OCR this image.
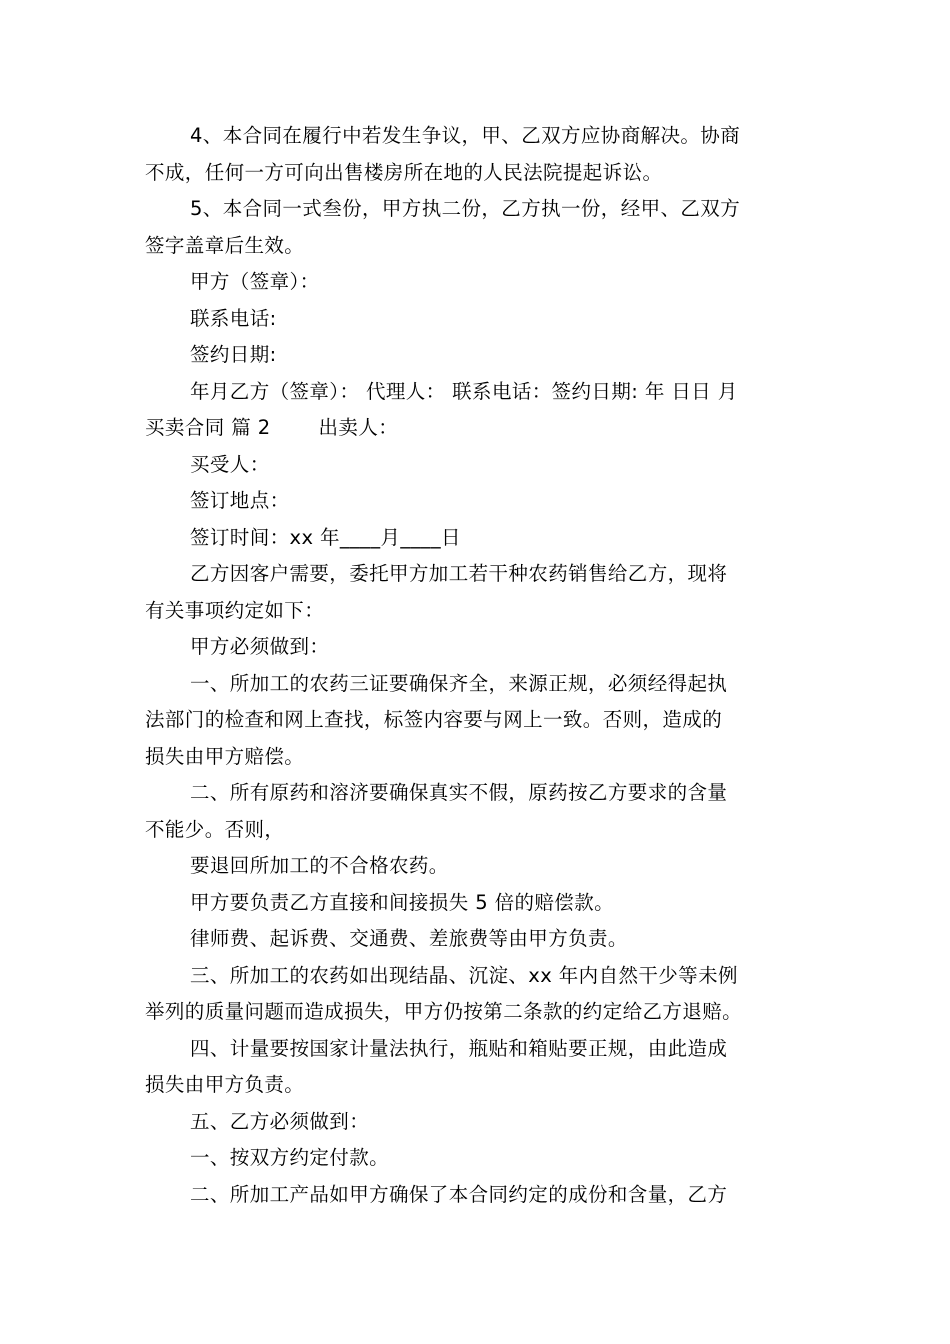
4、本合同在履行中若发生争议，甲、乙双方应协商解决。协商
不成，任何一方可向出售楼房所在地的人民法院提起诉讼。
5、本合同一式叁份，甲方执二份，乙方执一份，经甲、乙双方
签字盖章后生效。
甲方（签章）：
联系电话:
签约日期:
年月乙方（签章）： 代理人： 联系电话：签约日期: 年 日日 月
买卖合同 篇 2 出卖人：
买受人：
签订地点：
签订时间：xx 年____月____日
乙方因客户需要，委托甲方加工若干种农药销售给乙方，现将
有关事项约定如下：
甲方必须做到：
一、所加工的农药三证要确保齐全，来源正规，必须经得起执
法部门的检查和网上查找，标签内容要与网上一致。否则，造成的
损失由甲方赔偿。
二、所有原药和溶济要确保真实不假，原药按乙方要求的含量
不能少。否则，
要退回所加工的不合格农药。
甲方要负责乙方直接和间接损失 5 倍的赔偿款。
律师费、起诉费、交通费、差旅费等由甲方负责。
三、所加工的农药如出现结晶、沉淀、xx 年内自然干少等未例
举列的质量问题而造成损失，甲方仍按第二条款的约定给乙方退赔。
四、计量要按国家计量法执行，瓶贴和箱贴要正规，由此造成
损失由甲方负责。
五、乙方必须做到：
一、按双方约定付款。
二、所加工产品如甲方确保了本合同约定的成份和含量，乙方
